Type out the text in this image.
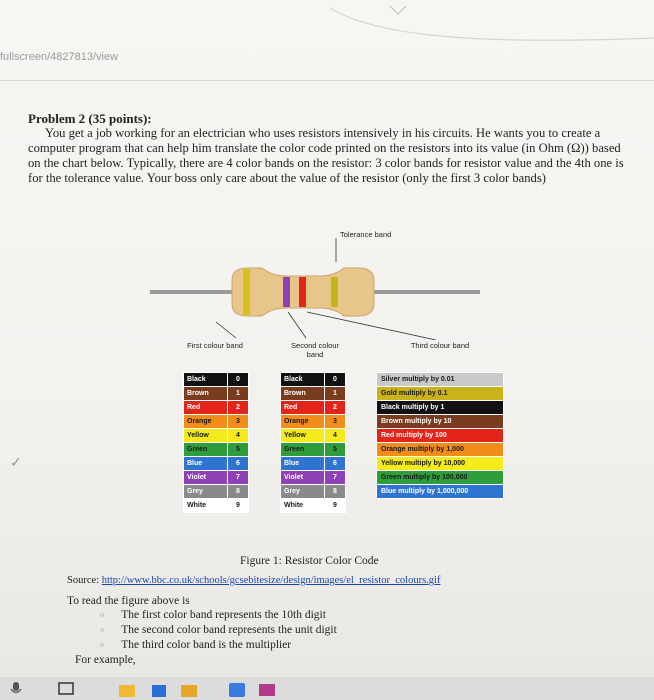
fullscreen/4827813/view

Problem 2 (35 points):

You get a job working for an electrician who uses resistors intensively in his circuits. He wants you to create a computer program that can help him translate the color code printed on the resistors into its value (in Ohm (Ω)) based on the chart below. Typically, there are 4 color bands on the resistor: 3 color bands for resistor value and the 4th one is for the tolerance value. Your boss only care about the value of the resistor (only the first 3 color bands)

Tolerance band
First colour band	Second colour band
Third colour band
Black	0
Brown	1
Red	2
Orange	3
Yellow	4
Green	5
Blue	6
Violet	7
Grey	8
White	9
Black	0
Brown	1
Red	2
Orange	3
Yellow	4
Green	5
Blue	6
Violet	7
Grey	8
White	9
Silver multiply by 0.01
Gold multiply by 0.1
Black multiply by 1
Brown multiply by 10
Red multiply by 100
Orange multiply by 1,000
Yellow multiply by 10,000
Green multiply by 100,000
Blue multiply by 1,000,000
Figure 1: Resistor Color Code
Source: http://www.bbc.co.uk/schools/gcsebitesize/design/images/el_resistor_colours.gif
To read the figure above is
○ The first color band represents the 10th digit
○ The second color band represents the unit digit
○ The third color band is the multiplier
For example,
✓
